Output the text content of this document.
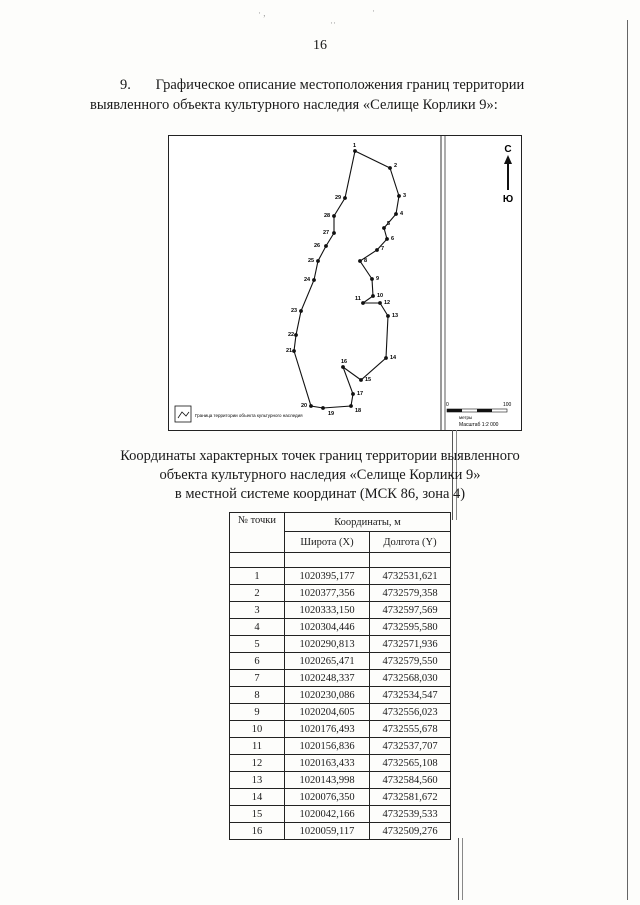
· ,
··
·
16
9. Графическое описание местоположения границ территории
выявленного объекта культурного наследия «Селище Корлики 9»:
1
2
3
4
5
6
7
8
9
10
11
12
13
14
15
16
17
18
19
20
21
22
23
24
25
26
27
28
29
С
Ю
Граница территории объекта культурного наследия
0	100
метры
Масштаб 1:2 000
Координаты характерных точек границ территории выявленного
объекта культурного наследия «Селище Корлики 9»
в местной системе координат (МСК 86, зона 4)
№ точки	Координаты, м	
	Широта (X)	Долгота (Y)

1	1020395,177	4732531,621
2	1020377,356	4732579,358
3	1020333,150	4732597,569
4	1020304,446	4732595,580
5	1020290,813	4732571,936
6	1020265,471	4732579,550
7	1020248,337	4732568,030
8	1020230,086	4732534,547
9	1020204,605	4732556,023
10	1020176,493	4732555,678
11	1020156,836	4732537,707
12	1020163,433	4732565,108
13	1020143,998	4732584,560
14	1020076,350	4732581,672
15	1020042,166	4732539,533
16	1020059,117	4732509,276
